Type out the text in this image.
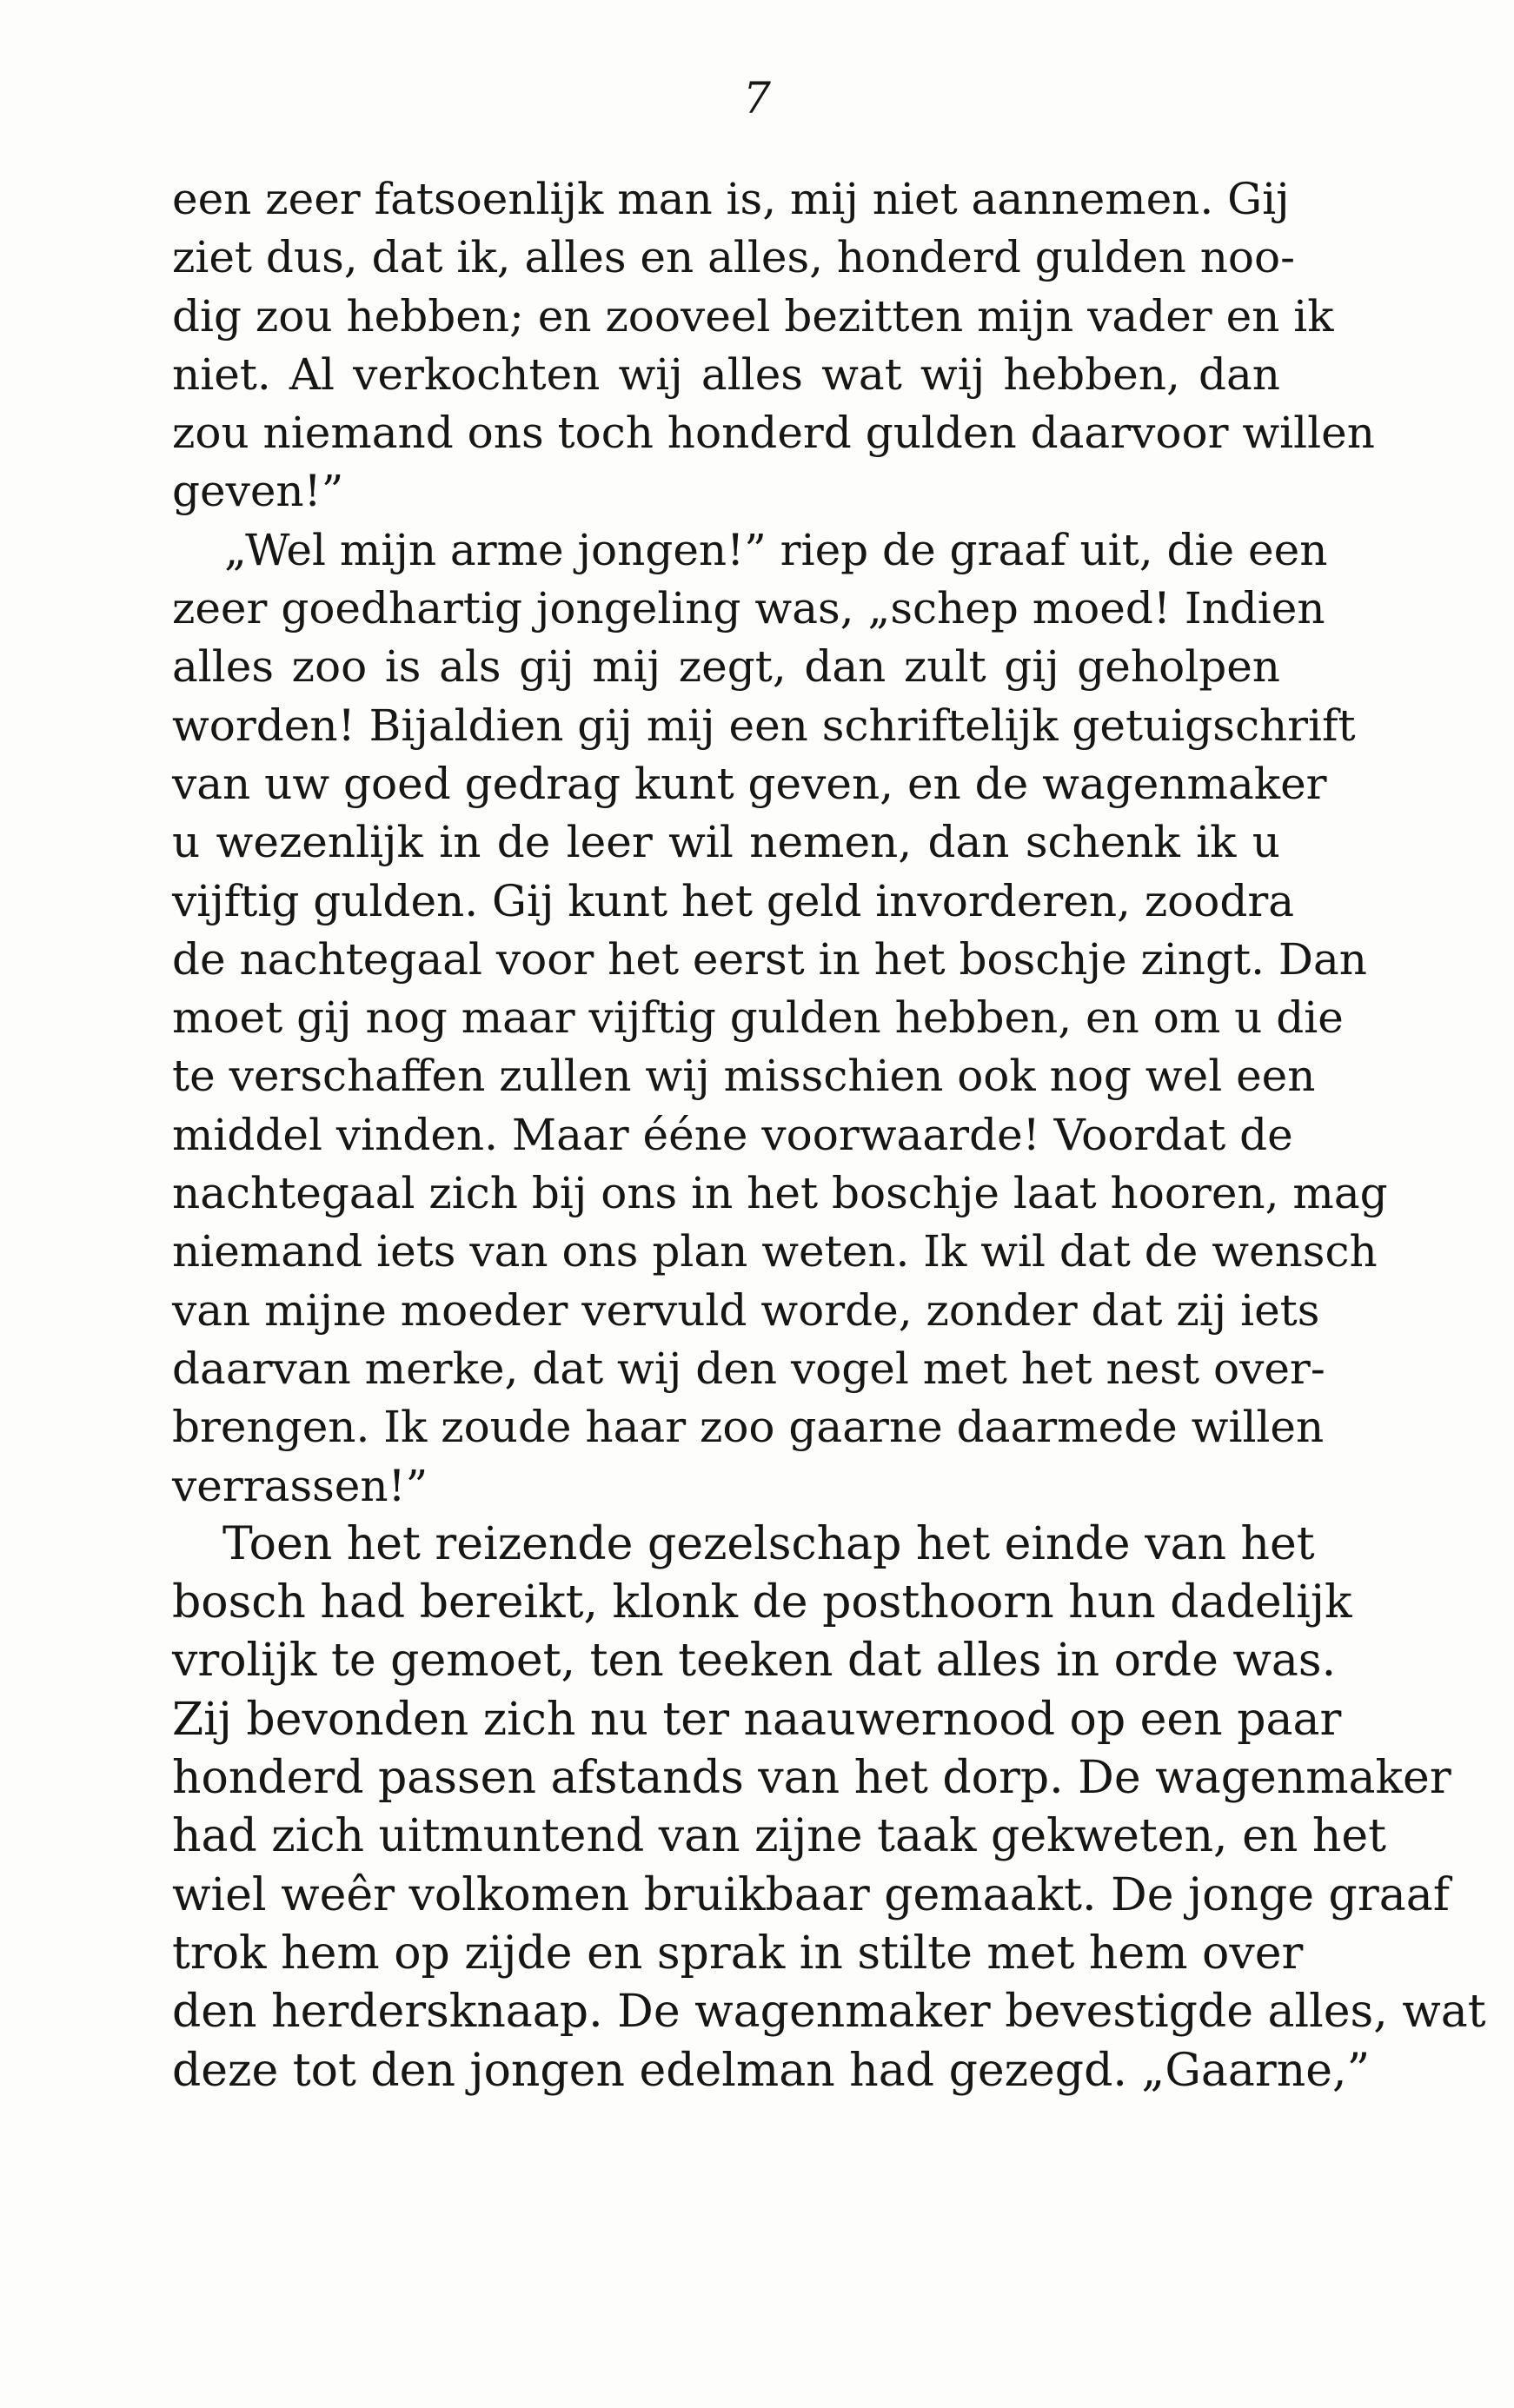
7
een zeer fatsoenlijk man is, mij niet aannemen. Gij
ziet dus, dat ik, alles en alles, honderd gulden noo-
dig zou hebben; en zooveel bezitten mijn vader en ik
niet. Al verkochten wij alles wat wij hebben, dan
zou niemand ons toch honderd gulden daarvoor willen
geven!”
„Wel mijn arme jongen!” riep de graaf uit, die een
zeer goedhartig jongeling was, „schep moed! Indien
alles zoo is als gij mij zegt, dan zult gij geholpen
worden! Bijaldien gij mij een schriftelijk getuigschrift
van uw goed gedrag kunt geven, en de wagenmaker
u wezenlijk in de leer wil nemen, dan schenk ik u
vijftig gulden. Gij kunt het geld invorderen, zoodra
de nachtegaal voor het eerst in het boschje zingt. Dan
moet gij nog maar vijftig gulden hebben, en om u die
te verschaffen zullen wij misschien ook nog wel een
middel vinden. Maar ééne voorwaarde! Voordat de
nachtegaal zich bij ons in het boschje laat hooren, mag
niemand iets van ons plan weten. Ik wil dat de wensch
van mijne moeder vervuld worde, zonder dat zij iets
daarvan merke, dat wij den vogel met het nest over-
brengen. Ik zoude haar zoo gaarne daarmede willen
verrassen!”
Toen het reizende gezelschap het einde van het
bosch had bereikt, klonk de posthoorn hun dadelijk
vrolijk te gemoet, ten teeken dat alles in orde was.
Zij bevonden zich nu ter naauwernood op een paar
honderd passen afstands van het dorp. De wagenmaker
had zich uitmuntend van zijne taak gekweten, en het
wiel weêr volkomen bruikbaar gemaakt. De jonge graaf
trok hem op zijde en sprak in stilte met hem over
den herdersknaap. De wagenmaker bevestigde alles, wat
deze tot den jongen edelman had gezegd. „Gaarne,”
